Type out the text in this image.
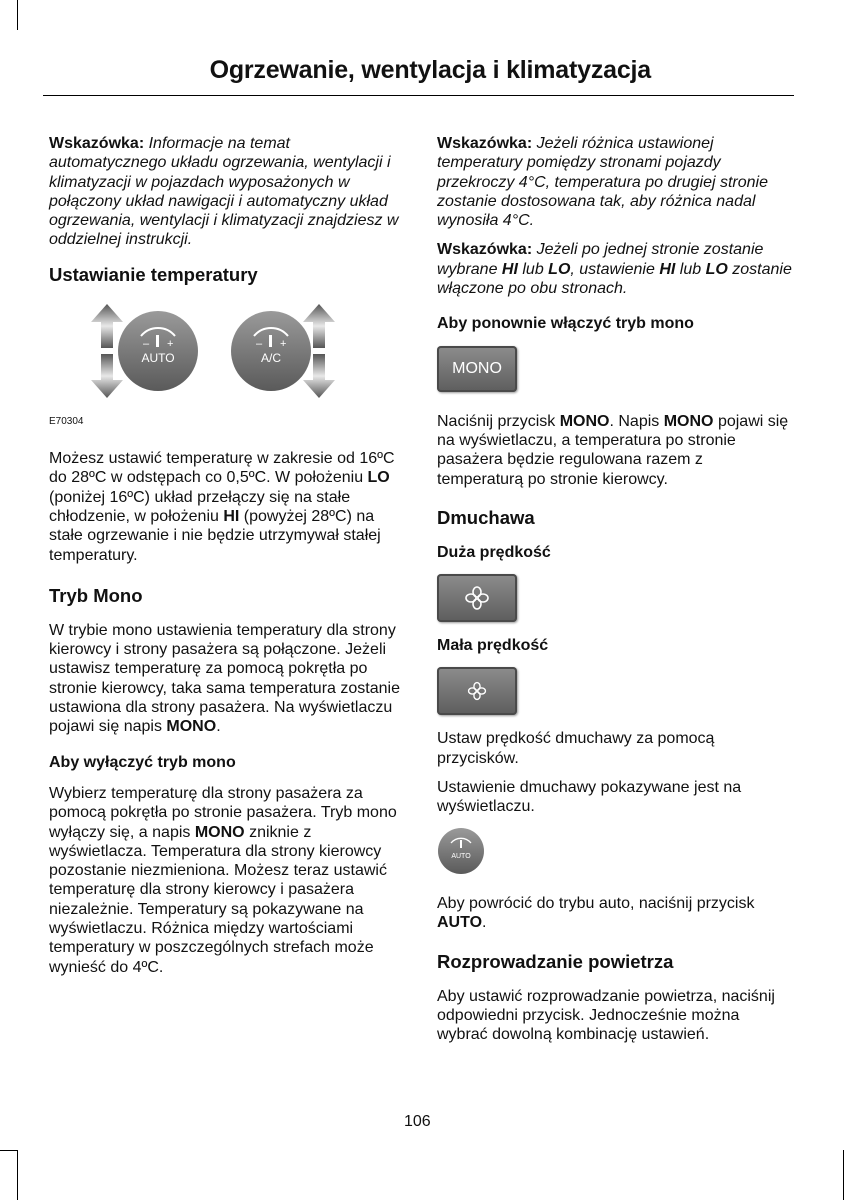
Ogrzewanie, wentylacja i klimatyzacja

Wskazówka: Informacje na temat automatycznego układu ogrzewania, wentylacji i klimatyzacji w pojazdach wyposażonych w połączony układ nawigacji i automatyczny układ ogrzewania, wentylacji i klimatyzacji znajdziesz w oddzielnej instrukcji.

Ustawianie temperatury
– +
AUTO
– +
A/C
E70304

Możesz ustawić temperaturę w zakresie od 16ºC do 28ºC w odstępach co 0,5ºC. W położeniu LO (poniżej 16ºC) układ przełączy się na stałe chłodzenie, w położeniu HI (powyżej 28ºC) na stałe ogrzewanie i nie będzie utrzymywał stałej temperatury.

Tryb Mono

W trybie mono ustawienia temperatury dla strony kierowcy i strony pasażera są połączone. Jeżeli ustawisz temperaturę za pomocą pokrętła po stronie kierowcy, taka sama temperatura zostanie ustawiona dla strony pasażera. Na wyświetlaczu pojawi się napis MONO.

Aby wyłączyć tryb mono

Wybierz temperaturę dla strony pasażera za pomocą pokrętła po stronie pasażera. Tryb mono wyłączy się, a napis MONO zniknie z wyświetlacza. Temperatura dla strony kierowcy pozostanie niezmieniona. Możesz teraz ustawić temperaturę dla strony kierowcy i pasażera niezależnie. Temperatury są pokazywane na wyświetlaczu. Różnica między wartościami temperatury w poszczególnych strefach może wynieść do 4ºC.

Wskazówka: Jeżeli różnica ustawionej temperatury pomiędzy stronami pojazdy przekroczy 4°C, temperatura po drugiej stronie zostanie dostosowana tak, aby różnica nadal wynosiła 4°C.

Wskazówka: Jeżeli po jednej stronie zostanie wybrane HI lub LO, ustawienie HI lub LO zostanie włączone po obu stronach.

Aby ponownie włączyć tryb mono
MONO

Naciśnij przycisk MONO. Napis MONO pojawi się na wyświetlaczu, a temperatura po stronie pasażera będzie regulowana razem z temperaturą po stronie kierowcy.

Dmuchawa
Duża prędkość
Mała prędkość

Ustaw prędkość dmuchawy za pomocą przycisków.

Ustawienie dmuchawy pokazywane jest na wyświetlaczu.

AUTO

Aby powrócić do trybu auto, naciśnij przycisk AUTO.

Rozprowadzanie powietrza

Aby ustawić rozprowadzanie powietrza, naciśnij odpowiedni przycisk. Jednocześnie można wybrać dowolną kombinację ustawień.

106
